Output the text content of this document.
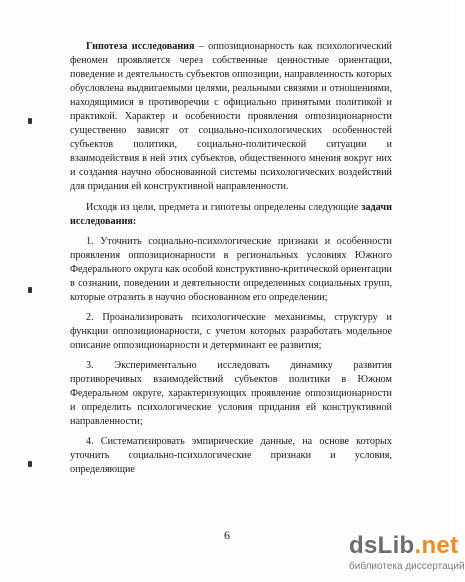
Гипотеза исследования – оппозиционарность как психологический феномен проявляется через собственные ценностные ориентации, поведение и деятельность субъектов оппозиции, направленность которых обусловлена выдвигаемыми целями, реальными связями и отношениями, находящимися в противоречии с официально принятыми политикой и практикой. Характер и особенности проявления оппозиционарности существенно зависят от социально-психологических особенностей субъектов политики, социально-политической ситуации и взаимодействия в ней этих субъектов, общественного мнения вокруг них и создания научно обоснованной системы психологических воздействий для придания ей конструктивной направленности.

Исходя из цели, предмета и гипотезы определены следующие задачи исследования:

1. Уточнить социально-психологические признаки и особенности проявления оппозиционарности в региональных условиях Южного Федерального округа как особой конструктивно-критической ориентации в сознании, поведении и деятельности определенных социальных групп, которые отразить в научно обоснованном его определении;

2. Проанализировать психологические механизмы, структуру и функции оппозиционарности, с учетом которых разработать модельное описание оппозиционарности и детерминант ее развития;

3. Экспериментально исследовать динамику развития противоречивых взаимодействий субъектов политики в Южном Федеральном округе, характеризующих проявление оппозиционарности и определить психологические условия придания ей конструктивной направленности;

4. Систематизировать эмпирические данные, на основе которых уточнить социально-психологические признаки и условия, определяющие

6	dsLib.net
библиотека диссертаций
